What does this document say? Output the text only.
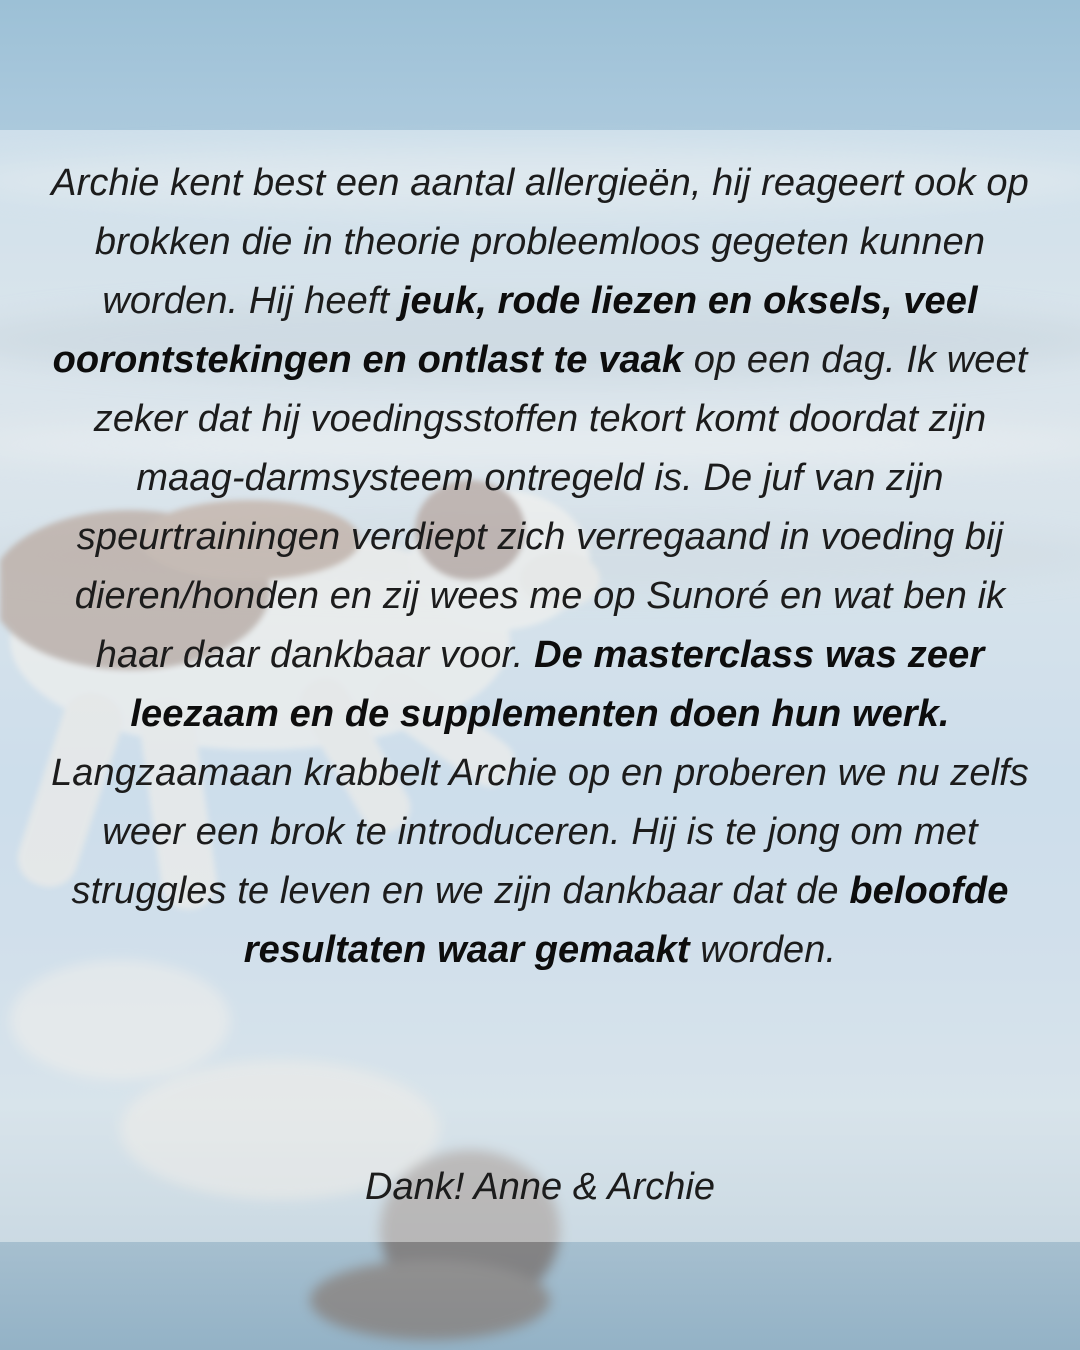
Archie kent best een aantal allergieën, hij reageert ook op brokken die in theorie probleemloos gegeten kunnen worden. Hij heeft jeuk, rode liezen en oksels, veel oorontstekingen en ontlast te vaak op een dag. Ik weet zeker dat hij voedingsstoffen tekort komt doordat zijn maag-darmsysteem ontregeld is. De juf van zijn speurtrainingen verdiept zich verregaand in voeding bij dieren/honden en zij wees me op Sunoré en wat ben ik haar daar dankbaar voor. De masterclass was zeer leezaam en de supplementen doen hun werk. Langzaamaan krabbelt Archie op en proberen we nu zelfs weer een brok te introduceren. Hij is te jong om met struggles te leven en we zijn dankbaar dat de beloofde resultaten waar gemaakt worden.

Dank! Anne & Archie
